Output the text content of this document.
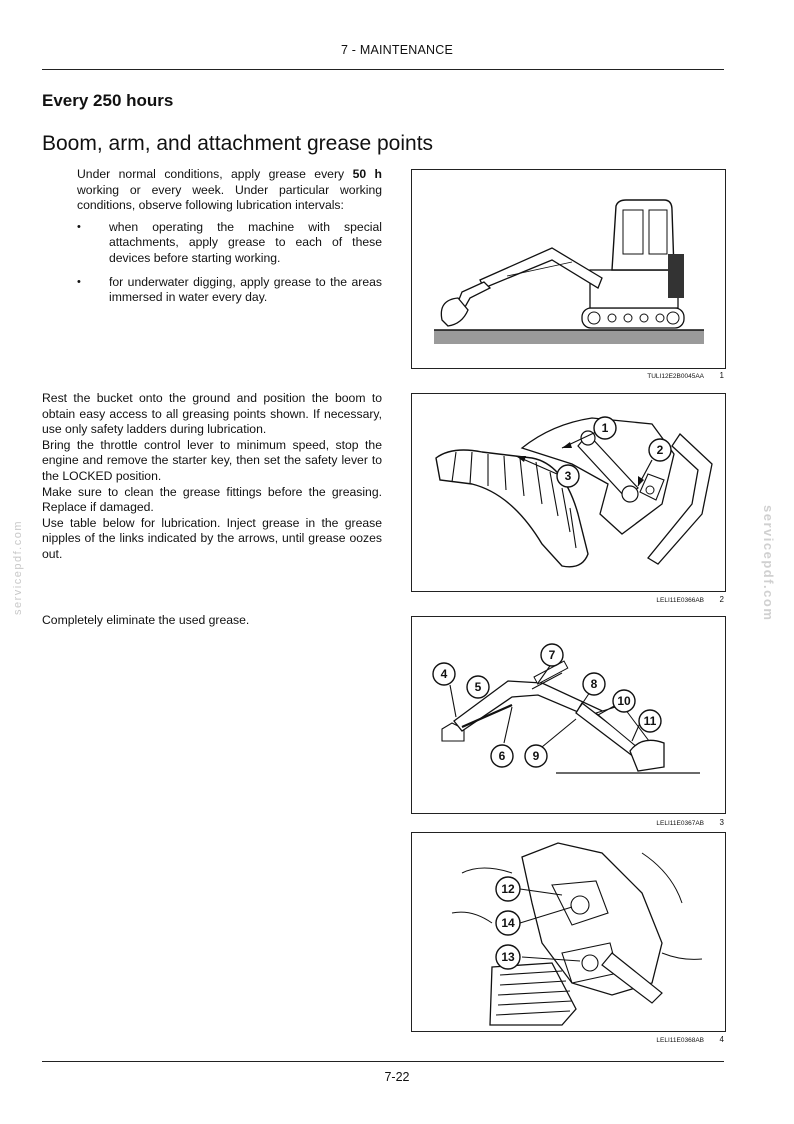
7 - MAINTENANCE
Every 250 hours
Boom, arm, and attachment grease points

Under normal conditions, apply grease every 50 h working or every week. Under particular working conditions, observe following lubrication intervals:

• when operating the machine with special attachments, apply grease to each of these devices before starting working.
• for underwater digging, apply grease to the areas immersed in water every day.

Rest the bucket onto the ground and position the boom to obtain easy access to all greasing points shown. If necessary, use only safety ladders during lubrication.

Bring the throttle control lever to minimum speed, stop the engine and remove the starter key, then set the safety lever to the LOCKED position.

Make sure to clean the grease fittings before the greasing. Replace if damaged.

Use table below for lubrication. Inject grease in the grease nipples of the links indicated by the arrows, until grease oozes out.

Completely eliminate the used grease.
TULI12E2B0045AA 1
1
2
3
LELI11E0366AB 2
4
5
6
7
8
9
10
11
LELI11E0367AB 3
12
14
13
LELI11E0368AB 4
servicepdf.com	servicepdf.com
7-22
